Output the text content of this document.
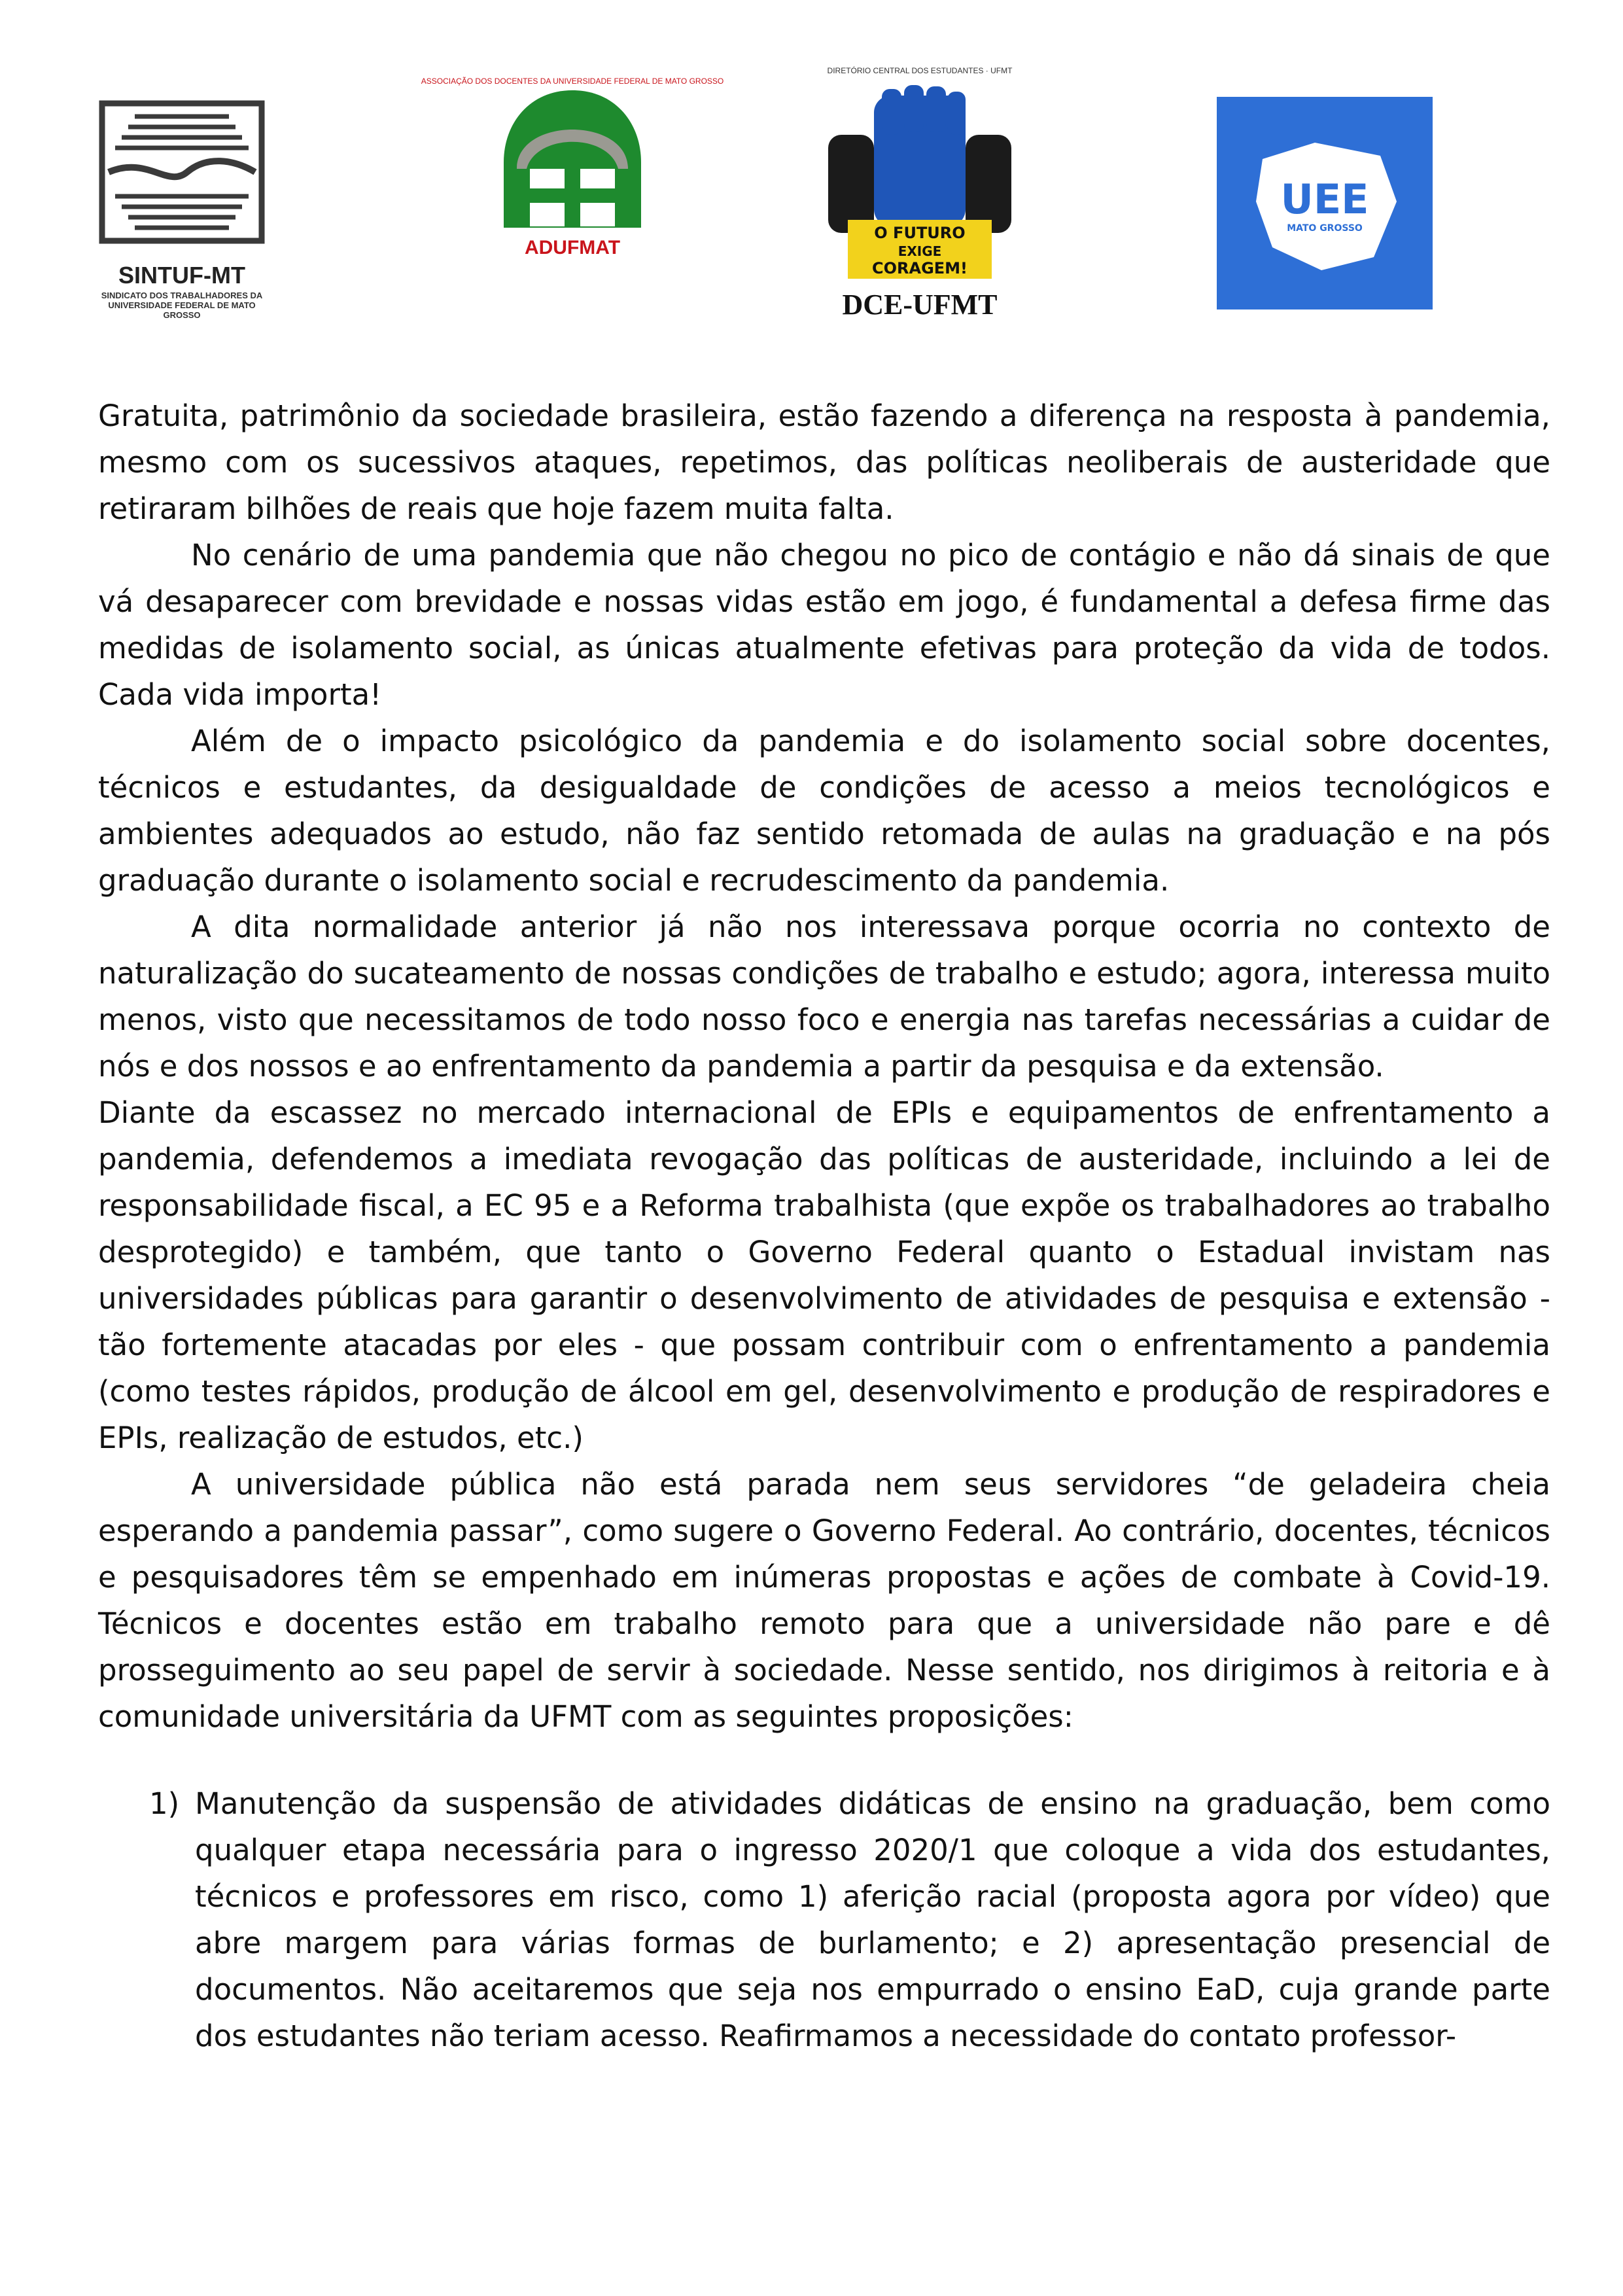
SINTUF-MT
SINDICATO DOS TRABALHADORES DA UNIVERSIDADE FEDERAL DE MATO GROSSO
ASSOCIAÇÃO DOS DOCENTES DA UNIVERSIDADE FEDERAL DE MATO GROSSO
ADUFMAT
DIRETÓRIO CENTRAL DOS ESTUDANTES · UFMT
O FUTURO
EXIGE
CORAGEM!
DCE-UFMT
UEE
MATO GROSSO

Gratuita, patrimônio da sociedade brasileira, estão fazendo a diferença na resposta à pandemia, mesmo com os sucessivos ataques, repetimos, das políticas neoliberais de austeridade que retiraram bilhões de reais que hoje fazem muita falta.

No cenário de uma pandemia que não chegou no pico de contágio e não dá sinais de que vá desaparecer com brevidade e nossas vidas estão em jogo, é fundamental a defesa firme das medidas de isolamento social, as únicas atualmente efetivas para proteção da vida de todos. Cada vida importa!

Além de o impacto psicológico da pandemia e do isolamento social sobre docentes, técnicos e estudantes, da desigualdade de condições de acesso a meios tecnológicos e ambientes adequados ao estudo, não faz sentido retomada de aulas na graduação e na pós graduação durante o isolamento social e recrudescimento da pandemia.

A dita normalidade anterior já não nos interessava porque ocorria no contexto de naturalização do sucateamento de nossas condições de trabalho e estudo; agora, interessa muito menos, visto que necessitamos de todo nosso foco e energia nas tarefas necessárias a cuidar de nós e dos nossos e ao enfrentamento da pandemia a partir da pesquisa e da extensão.

Diante da escassez no mercado internacional de EPIs e equipamentos de enfrentamento a pandemia, defendemos a imediata revogação das políticas de austeridade, incluindo a lei de responsabilidade fiscal, a EC 95 e a Reforma trabalhista (que expõe os trabalhadores ao trabalho desprotegido) e também, que tanto o Governo Federal quanto o Estadual invistam nas universidades públicas para garantir o desenvolvimento de atividades de pesquisa e extensão - tão fortemente atacadas por eles - que possam contribuir com o enfrentamento a pandemia (como testes rápidos, produção de álcool em gel, desenvolvimento e produção de respiradores e EPIs, realização de estudos, etc.)

A universidade pública não está parada nem seus servidores “de geladeira cheia esperando a pandemia passar”, como sugere o Governo Federal. Ao contrário, docentes, técnicos e pesquisadores têm se empenhado em inúmeras propostas e ações de combate à Covid-19. Técnicos e docentes estão em trabalho remoto para que a universidade não pare e dê prosseguimento ao seu papel de servir à sociedade. Nesse sentido, nos dirigimos à reitoria e à comunidade universitária da UFMT com as seguintes proposições:

1) Manutenção da suspensão de atividades didáticas de ensino na graduação, bem como qualquer etapa necessária para o ingresso 2020/1 que coloque a vida dos estudantes, técnicos e professores em risco, como 1) aferição racial (proposta agora por vídeo) que abre margem para várias formas de burlamento; e 2) apresentação presencial de documentos. Não aceitaremos que seja nos empurrado o ensino EaD, cuja grande parte dos estudantes não teriam acesso. Reafirmamos a necessidade do contato professor-
